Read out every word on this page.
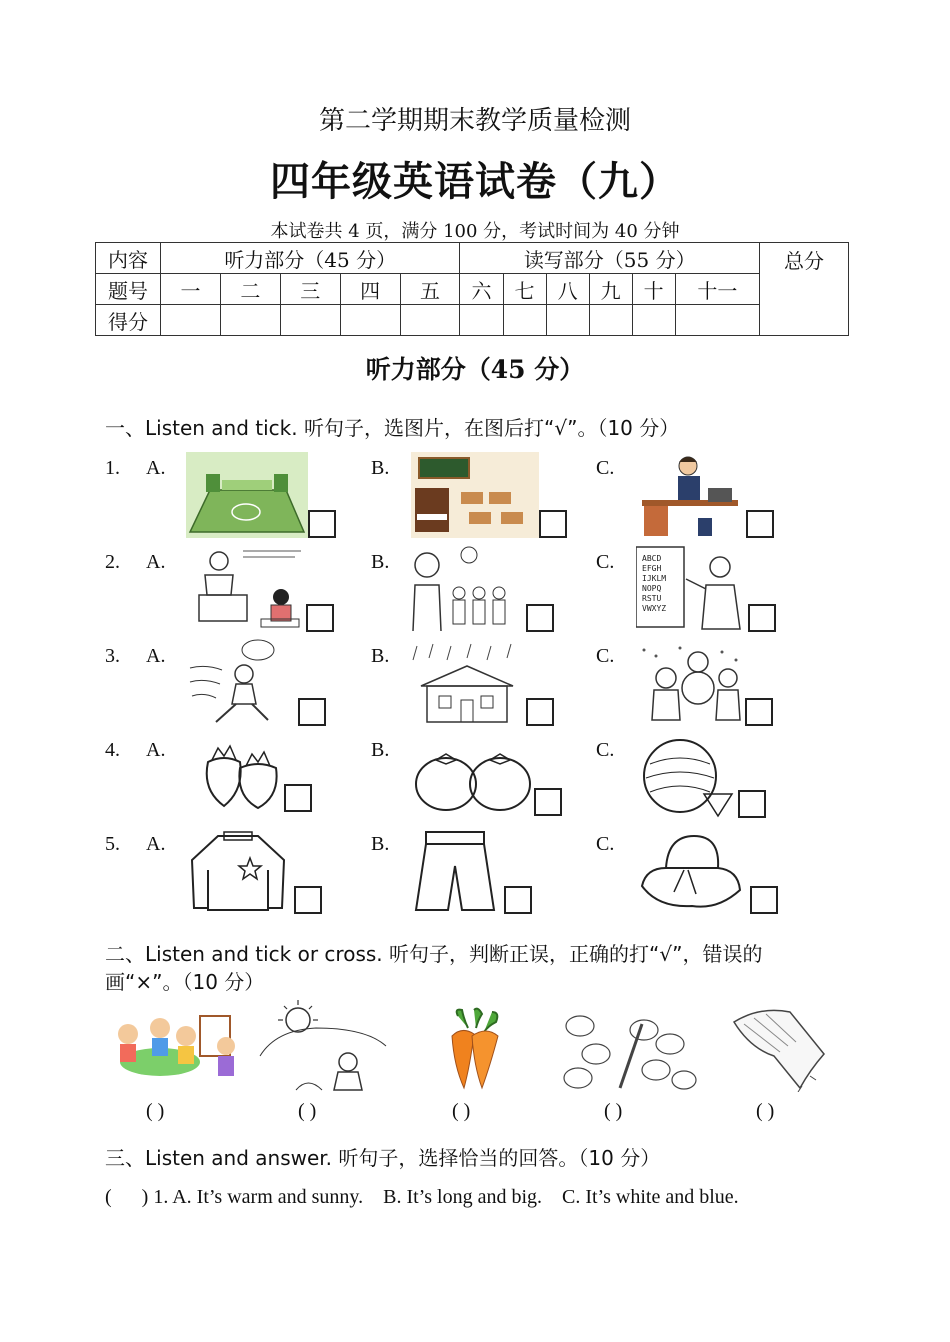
第二学期期末教学质量检测
四年级英语试卷（九）
本试卷共 4 页，满分 100 分，考试时间为 40 分钟
内容	听力部分（45 分）					读写部分（55 分）						总分
题号	一	二	三	四	五	六	七	八	九	十	十一	
得分												
听力部分（45 分）
一、Listen and tick. 听句子，选图片，在图后打“√”。（10 分）
1. A.	B.	C.
2. A.	B.	C.	ABCD
EFGH
IJKLM
NOPQ
RSTU
VWXYZ
3. A.	B.	C.
4. A.	B.	C.
5. A.	B.	C.
二、Listen and tick or cross. 听句子，判断正误，正确的打“√”，错误的
画“×”。（10 分）
( )	( )	( )	( )	( )
三、Listen and answer. 听句子，选择恰当的回答。（10 分）
(      ) 1. A. It’s warm and sunny.    B. It’s long and big.    C. It’s white and blue.
